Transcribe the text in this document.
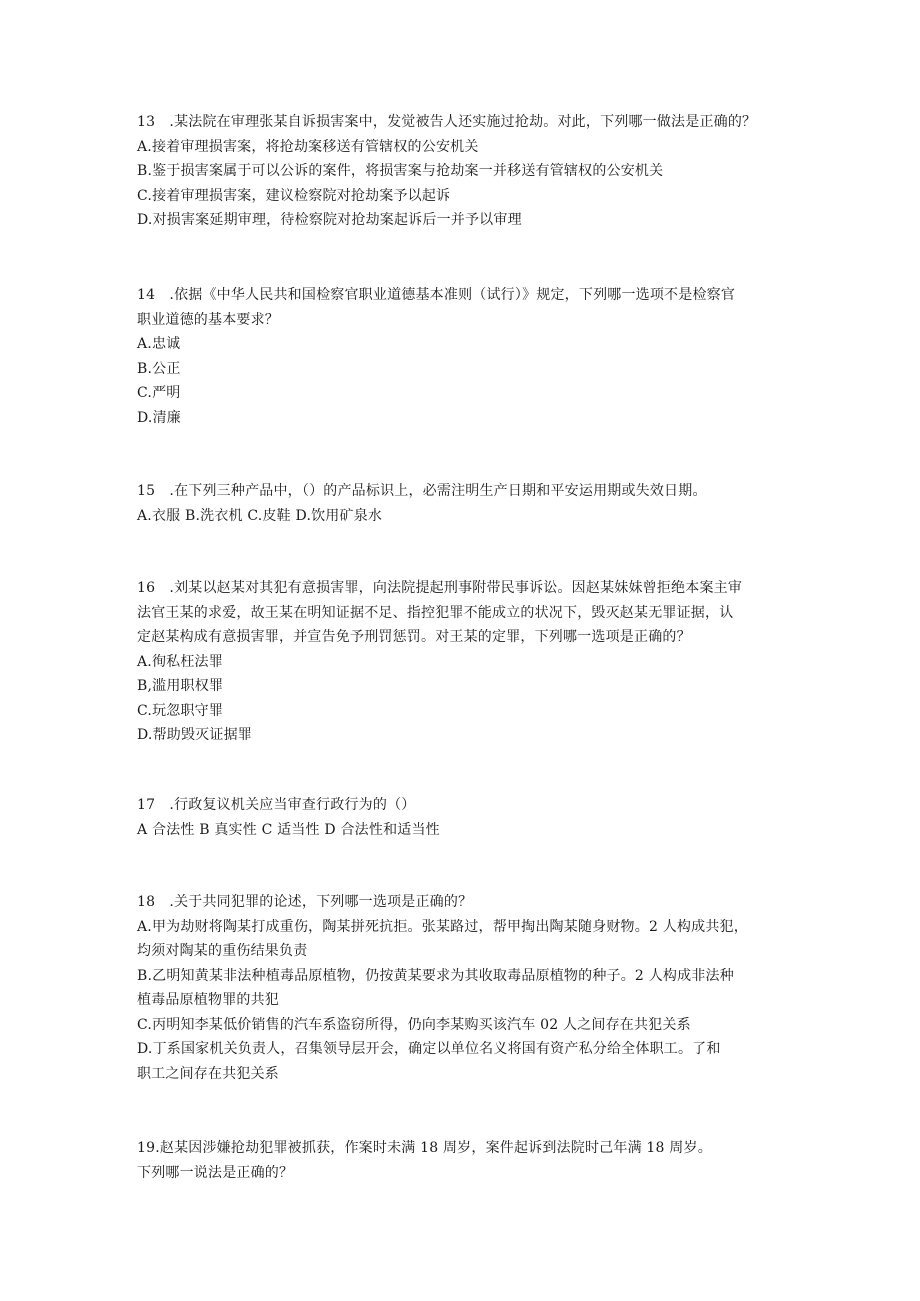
13　.某法院在审理张某自诉损害案中，发觉被告人还实施过抢劫。对此，下列哪一做法是正确的？
A.接着审理损害案，将抢劫案移送有管辖权的公安机关
B.鉴于损害案属于可以公诉的案件，将损害案与抢劫案一并移送有管辖权的公安机关
C.接着审理损害案，建议检察院对抢劫案予以起诉
D.对损害案延期审理，待检察院对抢劫案起诉后一并予以审理
14　.依据《中华人民共和国检察官职业道德基本准则（试行）》规定，下列哪一选项不是检察官
职业道德的基本要求？
A.忠诚
B.公正
C.严明
D.清廉
15　.在下列三种产品中，（）的产品标识上，必需注明生产日期和平安运用期或失效日期。
A.衣服 B.洗衣机 C.皮鞋 D.饮用矿泉水
16　.刘某以赵某对其犯有意损害罪，向法院提起刑事附带民事诉讼。因赵某妹妹曾拒绝本案主审
法官王某的求爱，故王某在明知证据不足、指控犯罪不能成立的状况下，毁灭赵某无罪证据，认
定赵某构成有意损害罪，并宣告免予刑罚惩罚。对王某的定罪，下列哪一选项是正确的？
A.徇私枉法罪
B,滥用职权罪
C.玩忽职守罪
D.帮助毁灭证据罪
17　.行政复议机关应当审查行政行为的（）
A 合法性 B 真实性 C 适当性 D 合法性和适当性
18　.关于共同犯罪的论述，下列哪一选项是正确的？
A.甲为劫财将陶某打成重伤，陶某拼死抗拒。张某路过，帮甲掏出陶某随身财物。2 人构成共犯，
均须对陶某的重伤结果负责
B.乙明知黄某非法种植毒品原植物，仍按黄某要求为其收取毒品原植物的种子。2 人构成非法种
植毒品原植物罪的共犯
C.丙明知李某低价销售的汽车系盗窃所得，仍向李某购买该汽车 02 人之间存在共犯关系
D.丁系国家机关负责人，召集领导层开会，确定以单位名义将国有资产私分给全体职工。了和
职工之间存在共犯关系
19.赵某因涉嫌抢劫犯罪被抓获，作案时未满 18 周岁，案件起诉到法院时己年满 18 周岁。
下列哪一说法是正确的？
